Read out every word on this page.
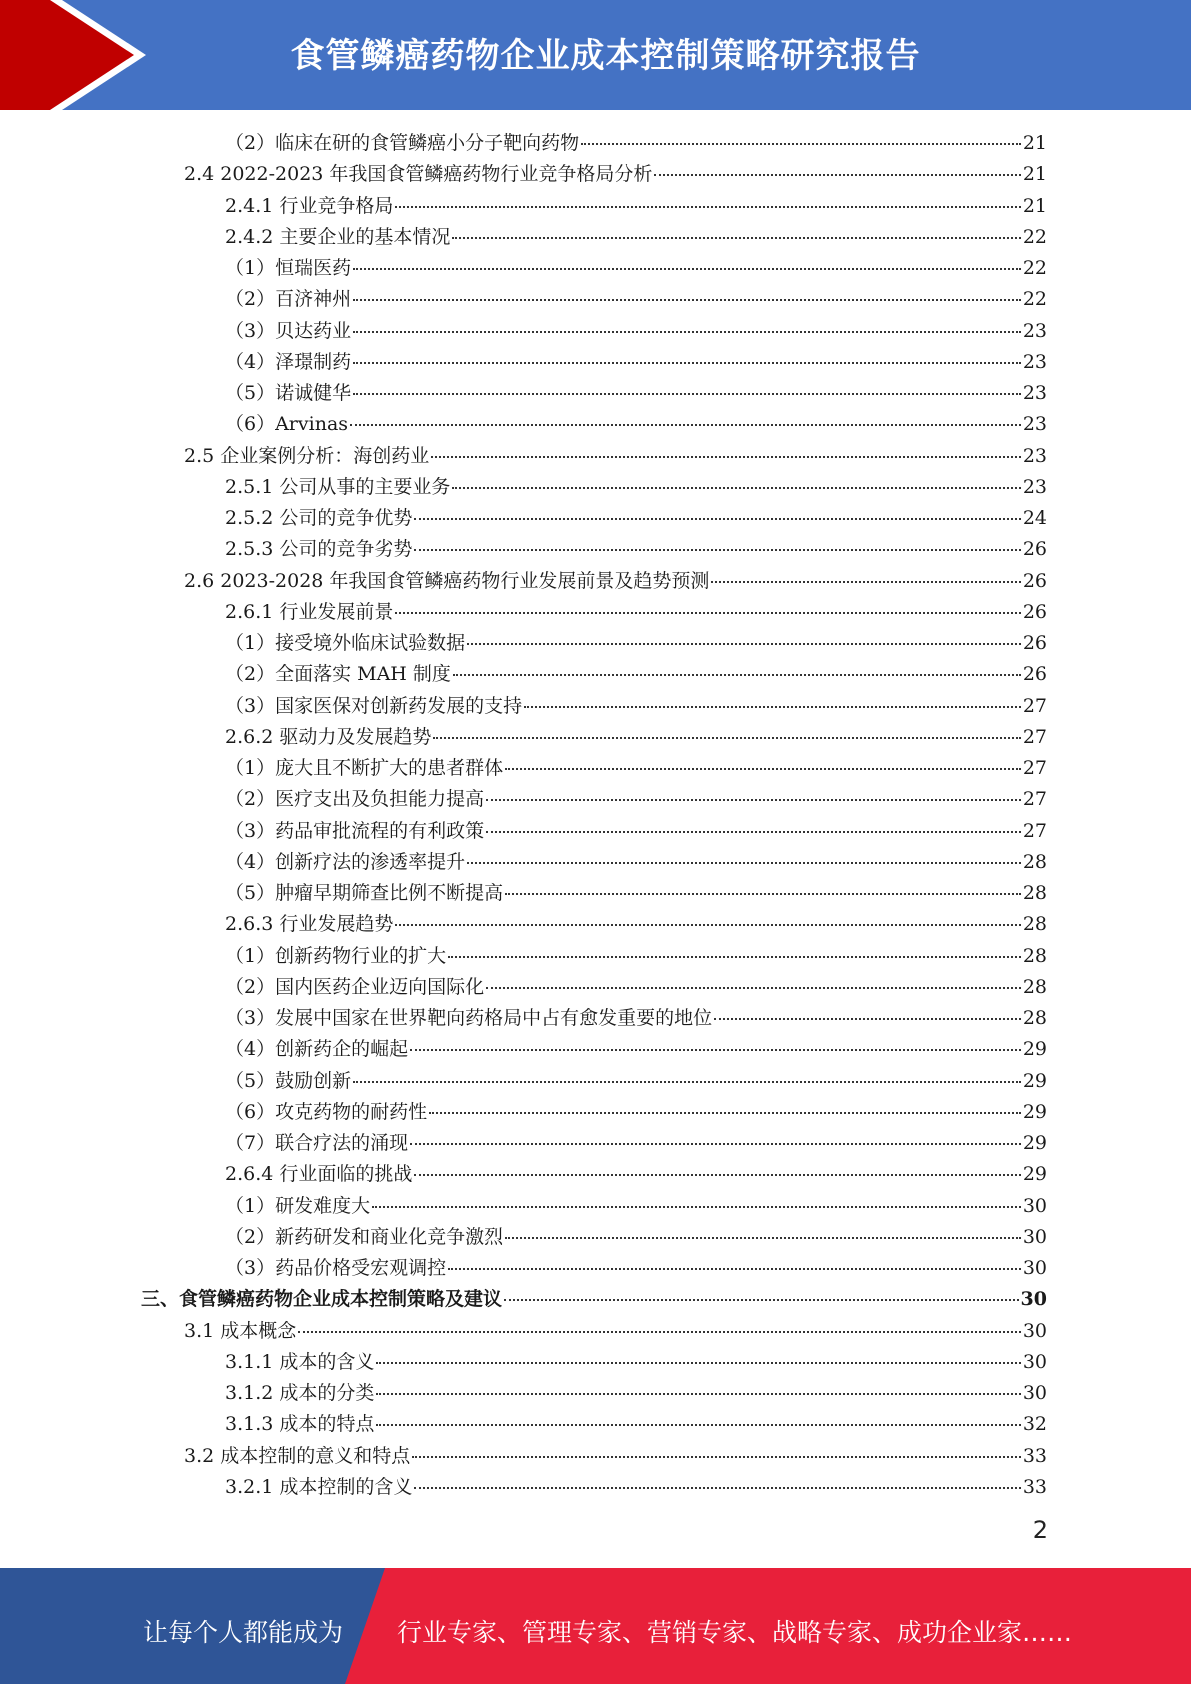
食管鳞癌药物企业成本控制策略研究报告
（2）临床在研的食管鳞癌小分子靶向药物	21
2.4 2022-2023 年我国食管鳞癌药物行业竞争格局分析	21
2.4.1 行业竞争格局	21
2.4.2 主要企业的基本情况	22
（1）恒瑞医药	22
（2）百济神州	22
（3）贝达药业	23
（4）泽璟制药	23
（5）诺诚健华	23
（6）Arvinas	23
2.5 企业案例分析：海创药业	23
2.5.1 公司从事的主要业务	23
2.5.2 公司的竞争优势	24
2.5.3 公司的竞争劣势	26
2.6 2023-2028 年我国食管鳞癌药物行业发展前景及趋势预测	26
2.6.1 行业发展前景	26
（1）接受境外临床试验数据	26
（2）全面落实 MAH 制度	26
（3）国家医保对创新药发展的支持	27
2.6.2 驱动力及发展趋势	27
（1）庞大且不断扩大的患者群体	27
（2）医疗支出及负担能力提高	27
（3）药品审批流程的有利政策	27
（4）创新疗法的渗透率提升	28
（5）肿瘤早期筛查比例不断提高	28
2.6.3 行业发展趋势	28
（1）创新药物行业的扩大	28
（2）国内医药企业迈向国际化	28
（3）发展中国家在世界靶向药格局中占有愈发重要的地位	28
（4）创新药企的崛起	29
（5）鼓励创新	29
（6）攻克药物的耐药性	29
（7）联合疗法的涌现	29
2.6.4 行业面临的挑战	29
（1）研发难度大	30
（2）新药研发和商业化竞争激烈	30
（3）药品价格受宏观调控	30
三、食管鳞癌药物企业成本控制策略及建议	30
3.1 成本概念	30
3.1.1 成本的含义	30
3.1.2 成本的分类	30
3.1.3 成本的特点	32
3.2 成本控制的意义和特点	33
3.2.1 成本控制的含义	33
2
让每个人都能成为 行业专家、管理专家、营销专家、战略专家、成功企业家……
